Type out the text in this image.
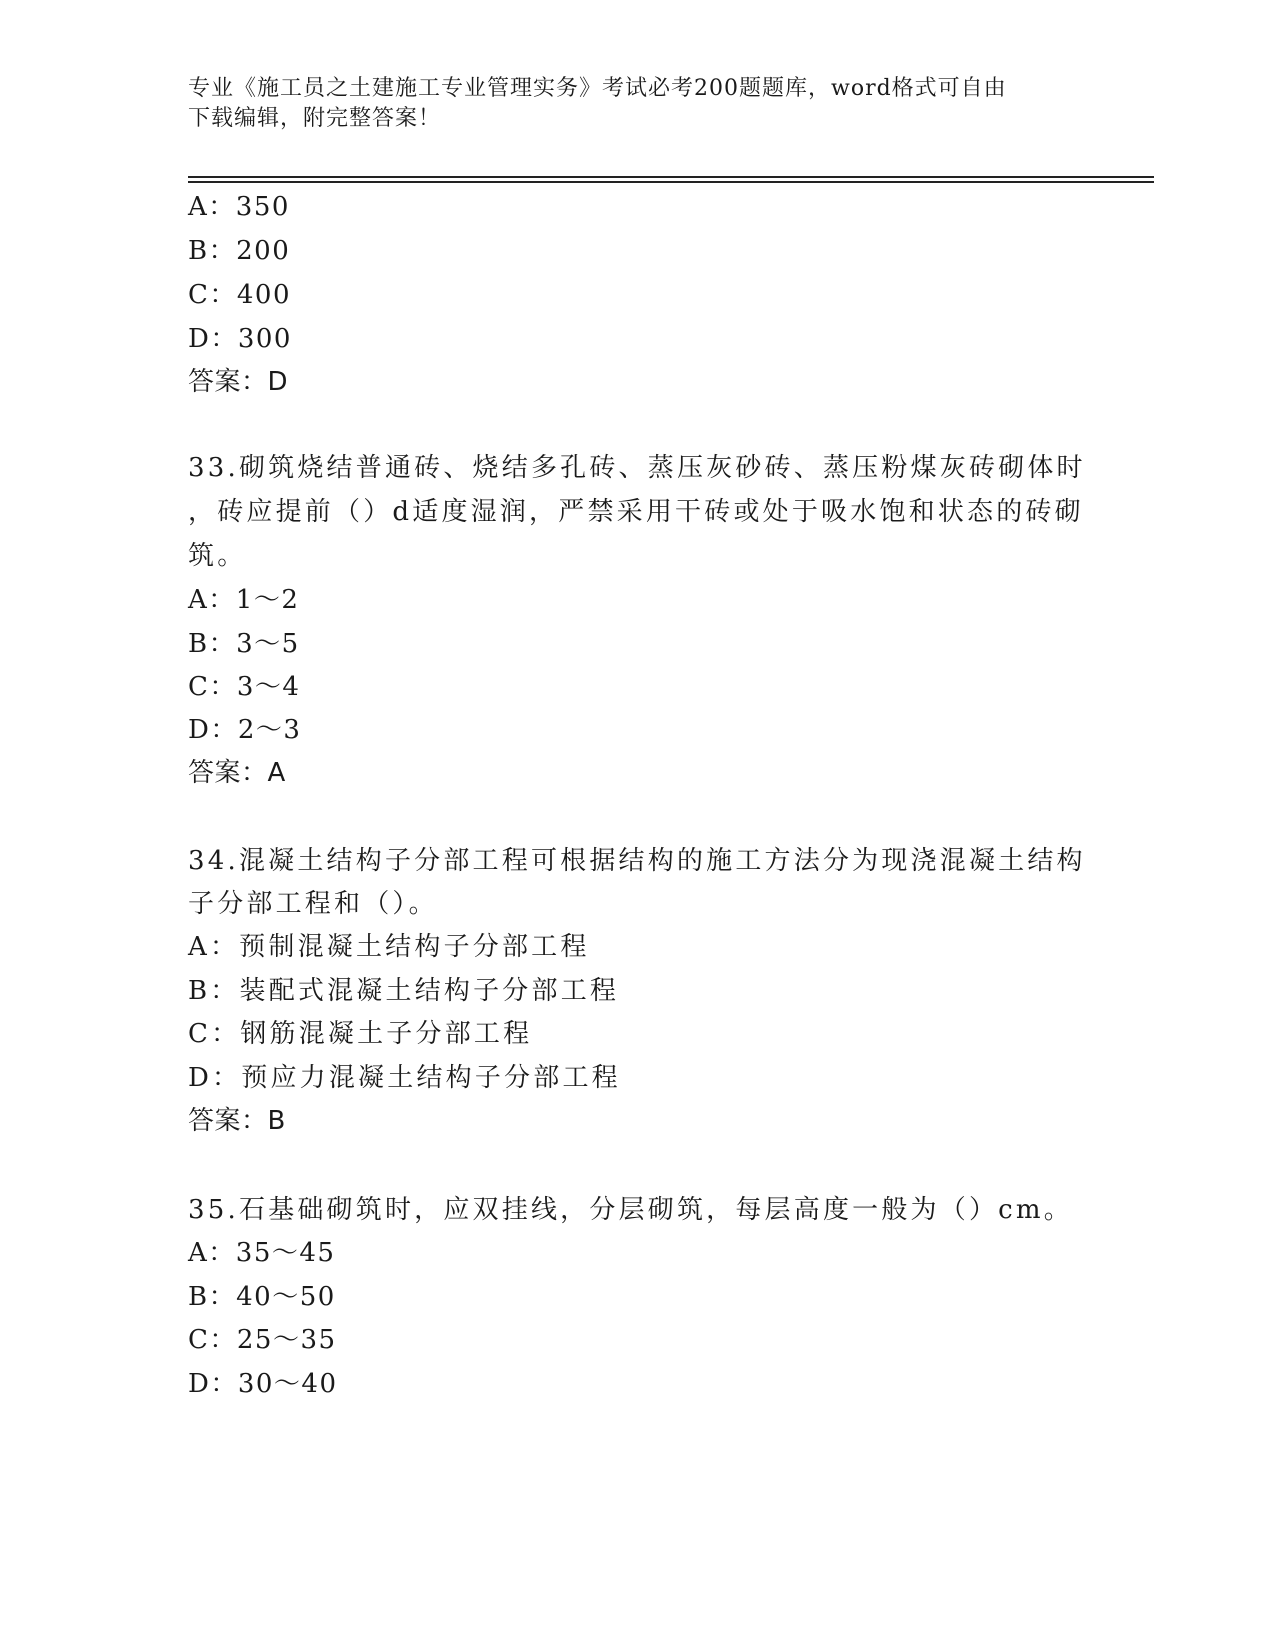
专业《施工员之土建施工专业管理实务》考试必考200题题库，word格式可自由
下载编辑，附完整答案！
A：350
B：200
C：400
D：300
答案：D
33.砌筑烧结普通砖、烧结多孔砖、蒸压灰砂砖、蒸压粉煤灰砖砌体时
，砖应提前（）d适度湿润，严禁采用干砖或处于吸水饱和状态的砖砌
筑。
A：1～2
B：3～5
C：3～4
D：2～3
答案：A
34.混凝土结构子分部工程可根据结构的施工方法分为现浇混凝土结构
子分部工程和（）。
A：预制混凝土结构子分部工程
B：装配式混凝土结构子分部工程
C：钢筋混凝土子分部工程
D：预应力混凝土结构子分部工程
答案：B
35.石基础砌筑时，应双挂线，分层砌筑，每层高度一般为（）cm。
A：35～45
B：40～50
C：25～35
D：30～40
